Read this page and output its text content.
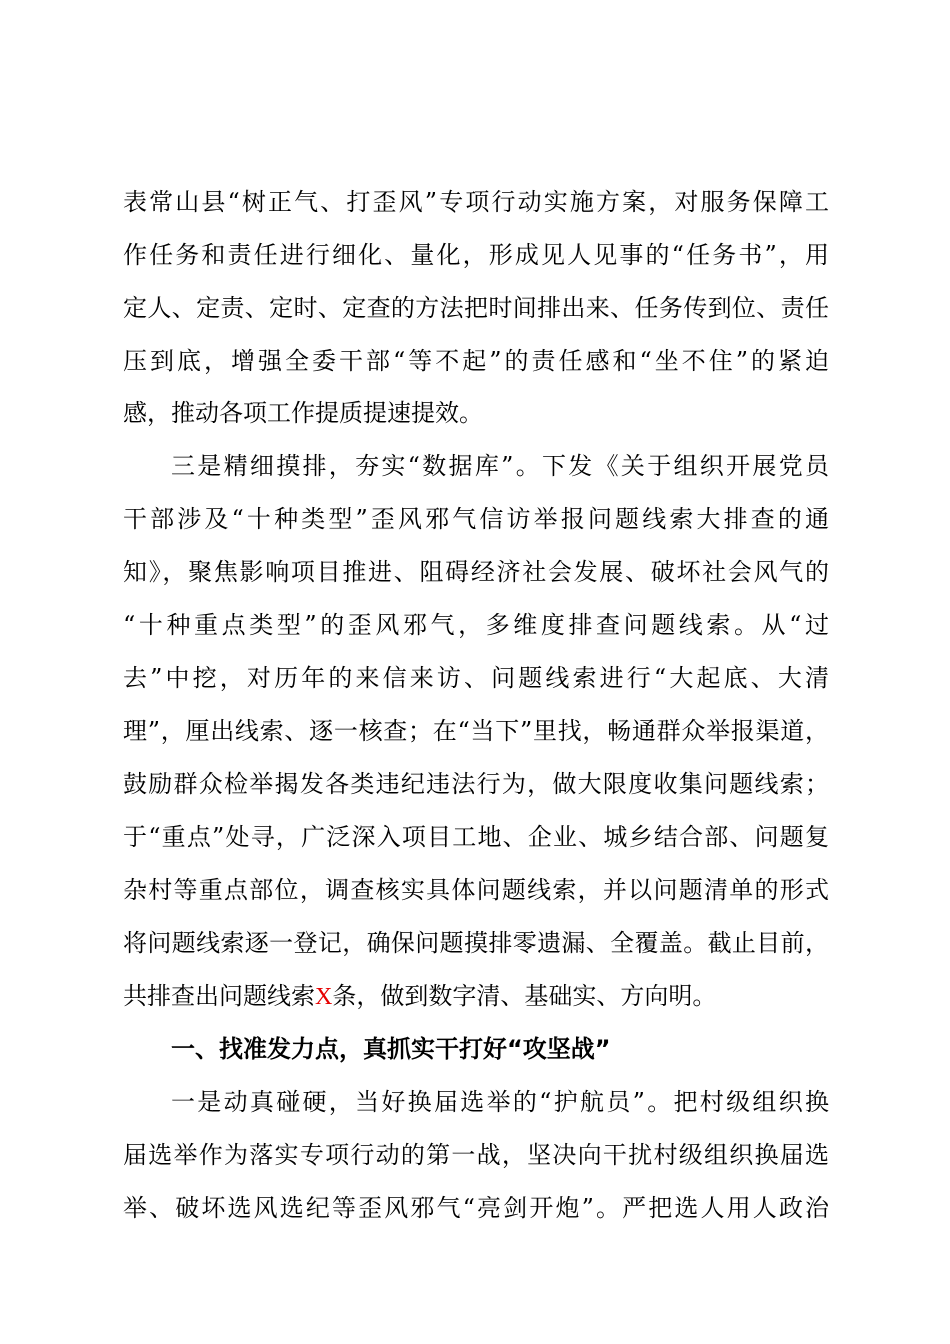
表常山县“树正气、打歪风”专项行动实施方案，对服务保障工
作任务和责任进行细化、量化，形成见人见事的“任务书”，用
定人、定责、定时、定查的方法把时间排出来、任务传到位、责任
压到底，增强全委干部“等不起”的责任感和“坐不住”的紧迫
感，推动各项工作提质提速提效。
三是精细摸排，夯实“数据库”。下发《关于组织开展党员
干部涉及“十种类型”歪风邪气信访举报问题线索大排查的通
知》，聚焦影响项目推进、阻碍经济社会发展、破坏社会风气的
“十种重点类型”的歪风邪气，多维度排查问题线索。从“过
去”中挖，对历年的来信来访、问题线索进行“大起底、大清
理”，厘出线索、逐一核查；在“当下”里找，畅通群众举报渠道，
鼓励群众检举揭发各类违纪违法行为，做大限度收集问题线索；
于“重点”处寻，广泛深入项目工地、企业、城乡结合部、问题复
杂村等重点部位，调查核实具体问题线索，并以问题清单的形式
将问题线索逐一登记，确保问题摸排零遗漏、全覆盖。截止目前，
共排查出问题线索X条，做到数字清、基础实、方向明。
一、找准发力点，真抓实干打好“攻坚战”
一是动真碰硬，当好换届选举的“护航员”。把村级组织换
届选举作为落实专项行动的第一战，坚决向干扰村级组织换届选
举、破坏选风选纪等歪风邪气“亮剑开炮”。严把选人用人政治
